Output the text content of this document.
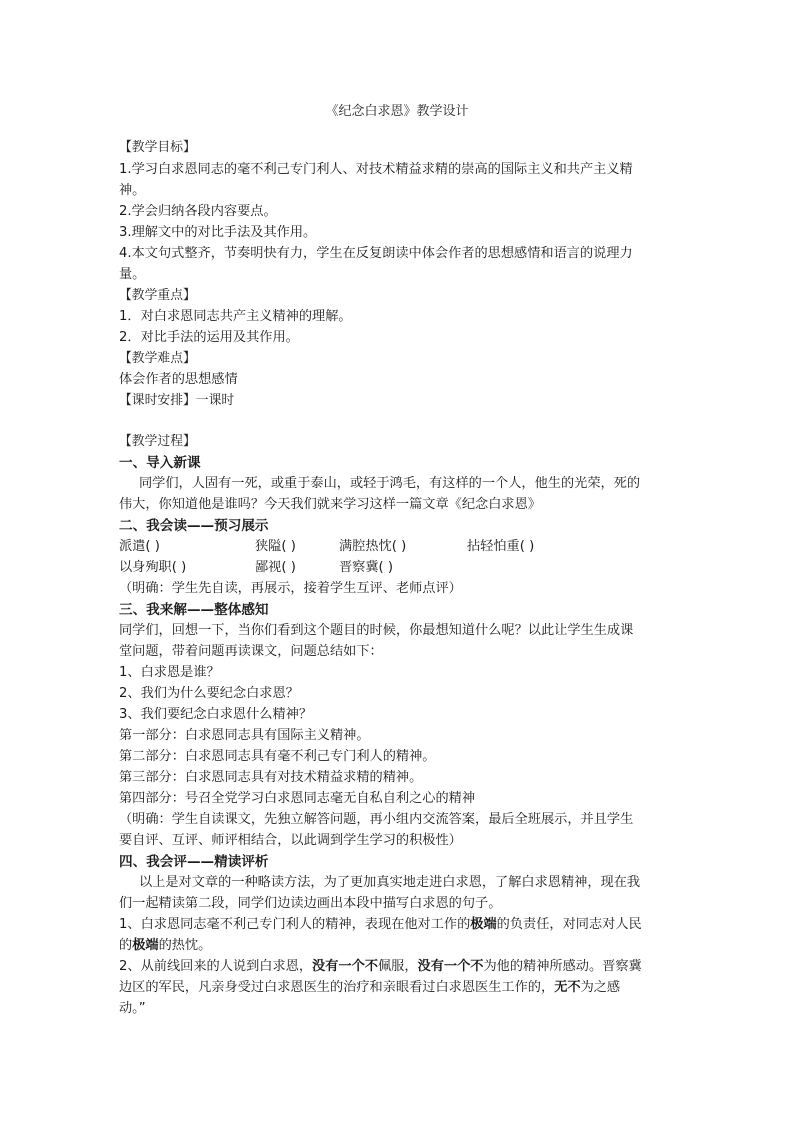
《纪念白求恩》教学设计
【教学目标】
1.学习白求恩同志的毫不利己专门利人、对技术精益求精的崇高的国际主义和共产主义精
神。
2.学会归纳各段内容要点。
3.理解文中的对比手法及其作用。
4.本文句式整齐，节奏明快有力，学生在反复朗读中体会作者的思想感情和语言的说理力
量。
【教学重点】
1．对白求恩同志共产主义精神的理解。
2．对比手法的运用及其作用。
【教学难点】
体会作者的思想感情
【课时安排】一课时
【教学过程】
一、导入新课
同学们，人固有一死，或重于泰山，或轻于鸿毛，有这样的一个人，他生的光荣，死的
伟大，你知道他是谁吗？今天我们就来学习这样一篇文章《纪念白求恩》
二、我会读——预习展示
派遣( )	狭隘( )	满腔热忱( )	拈轻怕重( )
以身殉职( )	鄙视( )	晋察冀( )
（明确：学生先自读，再展示，接着学生互评、老师点评）
三、我来解——整体感知
同学们，回想一下，当你们看到这个题目的时候，你最想知道什么呢？以此让学生生成课
堂问题，带着问题再读课文，问题总结如下：
1、白求恩是谁？
2、我们为什么要纪念白求恩？
3、我们要纪念白求恩什么精神？
第一部分：白求恩同志具有国际主义精神。
第二部分：白求恩同志具有毫不利己专门利人的精神。
第三部分：白求恩同志具有对技术精益求精的精神。
第四部分：号召全党学习白求恩同志毫无自私自利之心的精神
（明确：学生自读课文，先独立解答问题，再小组内交流答案，最后全班展示，并且学生
要自评、互评、师评相结合，以此调到学生学习的积极性）
四、我会评——精读评析
以上是对文章的一种略读方法，为了更加真实地走进白求恩，了解白求恩精神，现在我
们一起精读第二段，同学们边读边画出本段中描写白求恩的句子。
1、白求恩同志毫不利己专门利人的精神，表现在他对工作的极端的负责任，对同志对人民
的极端的热忱。
2、从前线回来的人说到白求恩，没有一个不佩服，没有一个不为他的精神所感动。晋察冀
边区的军民，凡亲身受过白求恩医生的治疗和亲眼看过白求恩医生工作的，无不为之感
动。”
